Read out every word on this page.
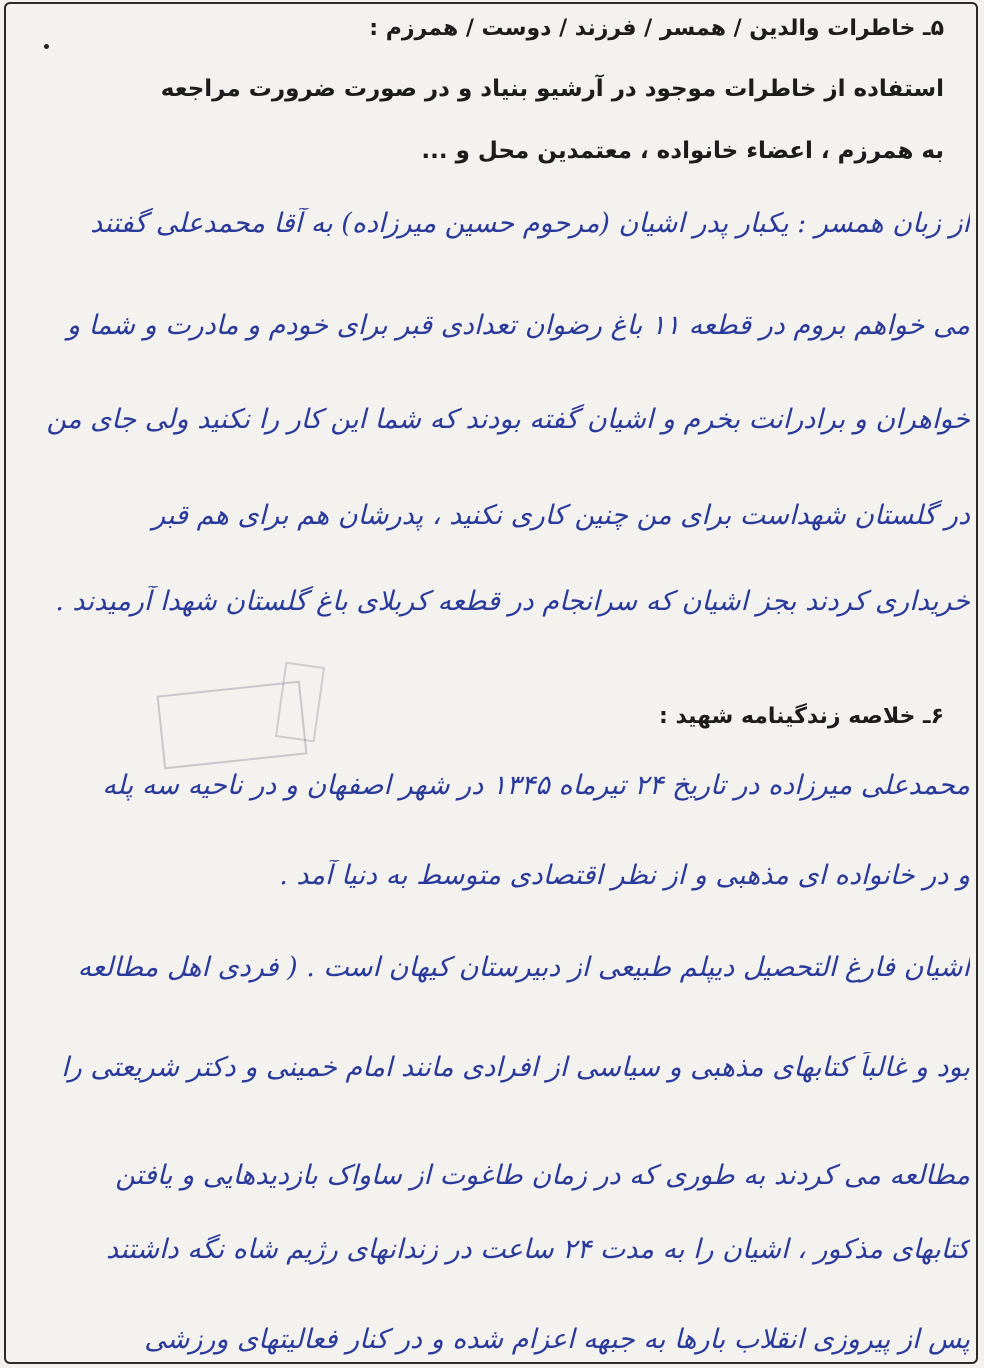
۵ـ خاطرات والدین / همسر / فرزند / دوست / همرزم :
استفاده از خاطرات موجود در آرشیو بنیاد و در صورت ضرورت مراجعه
به همرزم ، اعضاء خانواده ، معتمدین محل و ...
از زبان همسر : یکبار پدر اشیان (مرحوم حسین میرزاده) به آقا محمدعلی گفتند
می خواهم بروم در قطعه ۱۱ باغ رضوان تعدادی قبر برای خودم و مادرت و شما و
خواهران و برادرانت بخرم و اشیان گفته بودند که شما این کار را نکنید ولی جای من
در گلستان شهداست برای من چنین کاری نکنید ، پدرشان هم برای هم قبر
خریداری کردند بجز اشیان که سرانجام در قطعه کربلای باغ گلستان شهدا آرمیدند .
۶ـ خلاصه زندگینامه شهید :
محمدعلی میرزاده در تاریخ ۲۴ تیرماه ۱۳۴۵ در شهر اصفهان و در ناحیه سه پله
و در خانواده ای مذهبی و از نظر اقتصادی متوسط به دنیا آمد .
اشیان فارغ التحصیل دیپلم طبیعی از دبیرستان کیهان است . ( فردی اهل مطالعه
بود و غالباً کتابهای مذهبی و سیاسی از افرادی مانند امام خمینی و دکتر شریعتی را
مطالعه می کردند به طوری که در زمان طاغوت از ساواک بازدیدهایی و یافتن
کتابهای مذکور ، اشیان را به مدت ۲۴ ساعت در زندانهای رژیم شاه نگه داشتند
پس از پیروزی انقلاب بارها به جبهه اعزام شده و در کنار فعالیتهای ورزشی
